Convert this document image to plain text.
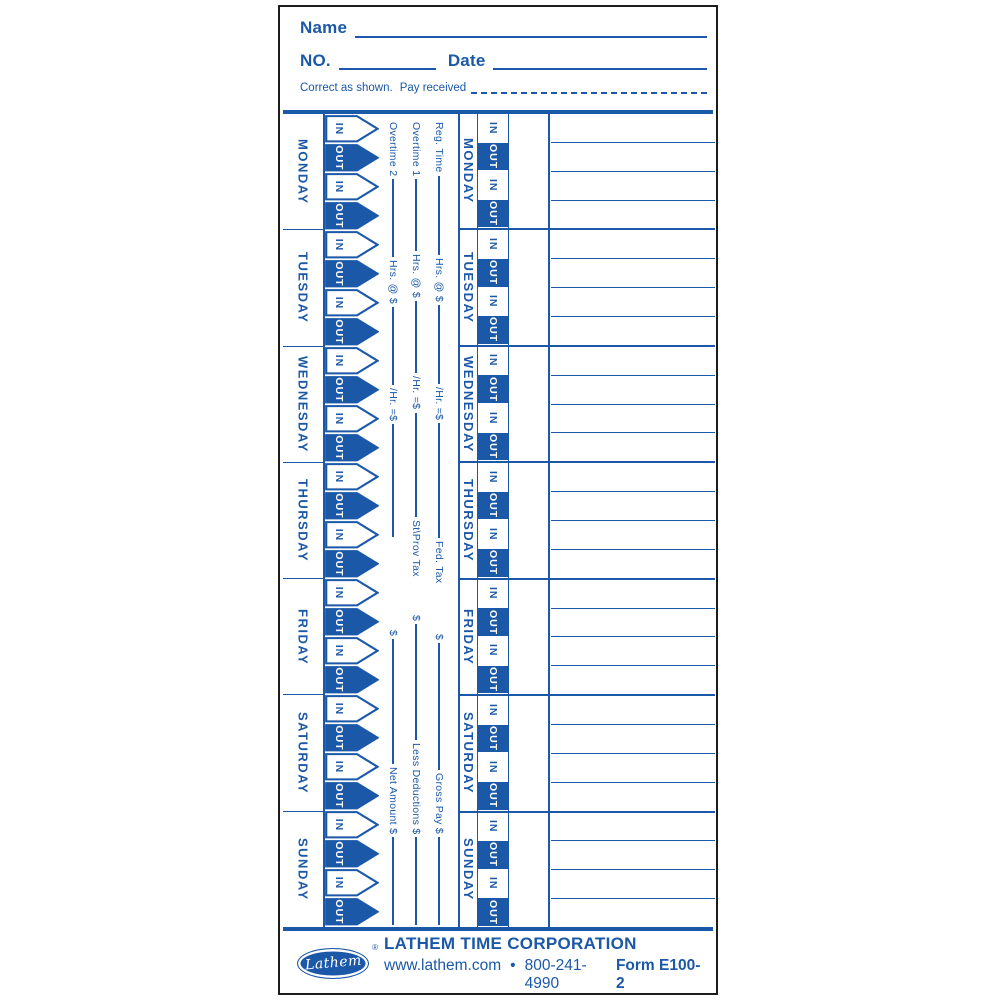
Name
NO.	Date
Correct as shown. Pay received
MONDAY
TUESDAY
WEDNESDAY
THURSDAY
FRIDAY
SATURDAY
SUNDAY
IN
OUT
IN
OUT
IN
OUT
IN
OUT
IN
OUT
IN
OUT
IN
OUT
IN
OUT
IN
OUT
IN
OUT
IN
OUT
IN
OUT
IN
OUT
IN
OUT
Overtime 2
Hrs. @ $
/Hr. =$
$
Net Amount $
Overtime 1
Hrs. @ $
/Hr. =$
St\Prov Tax
$
Less Deductions $
Reg. Time
Hrs. @ $
/Hr. =$
Fed. Tax
$
Gross Pay $
MONDAY
IN
OUT
IN
OUT
TUESDAY
IN
OUT
IN
OUT
WEDNESDAY IN
OUT
IN
OUT
THURSDAY
IN
OUT
IN
OUT
FRIDAY
IN
OUT
IN
OUT
SATURDAY
IN
OUT
IN
OUT
SUNDAY
IN
OUT
IN
OUT
Lathem
® LATHEM TIME CORPORATION
www.lathem.com • 800-241-4990
Form E100-2
